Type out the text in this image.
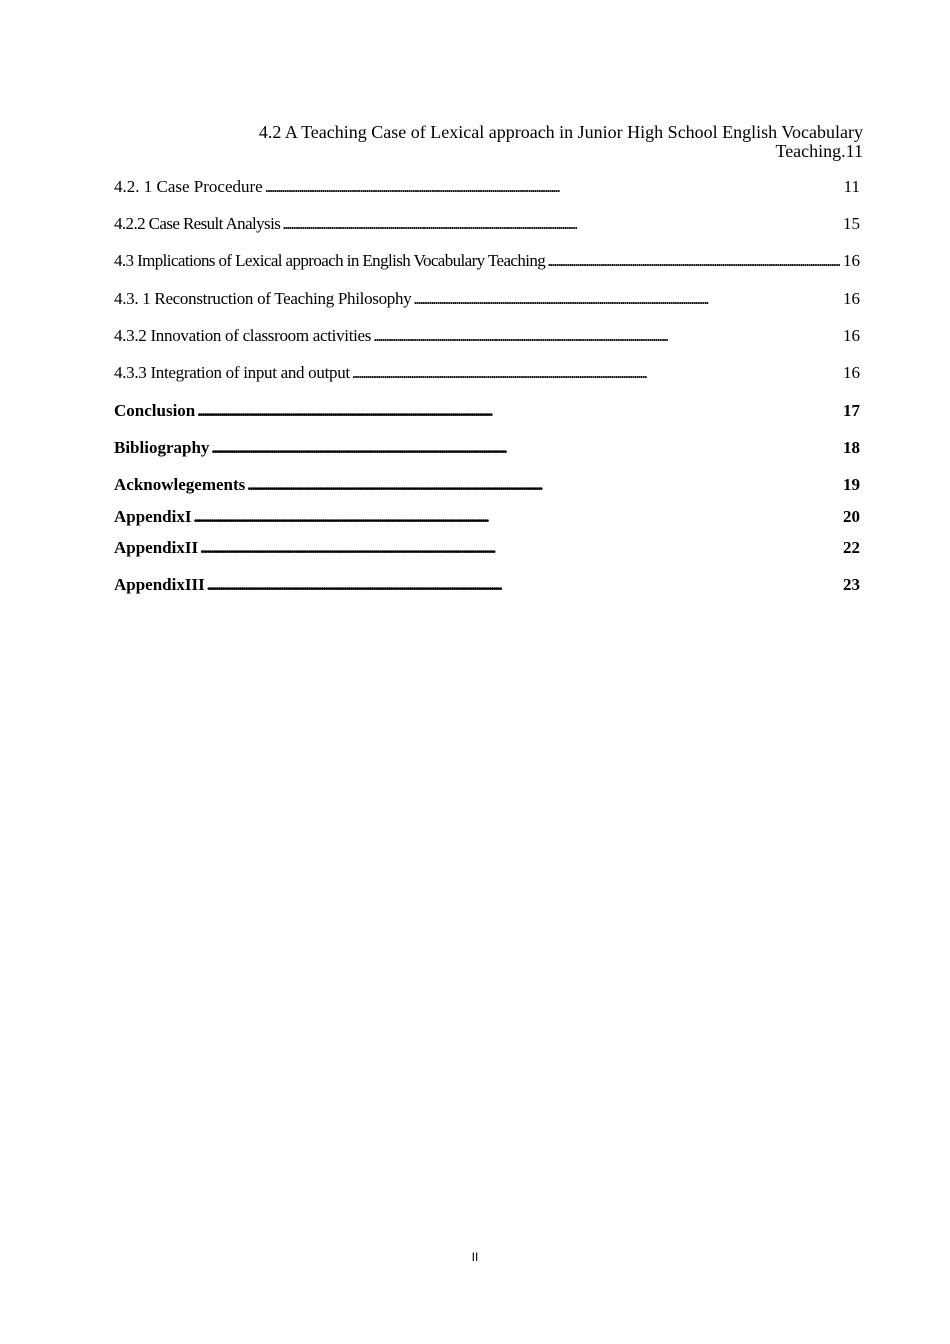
4.2 A Teaching Case of Lexical approach in Junior High School English Vocabulary
Teaching.11
4.2. 1 Case Procedure . . .	11
4.2.2 Case Result Analysis . . .	15
4.3 Implications of Lexical approach in English Vocabulary Teaching . . .	16
4.3. 1 Reconstruction of Teaching Philosophy . . .	16
4.3.2 Innovation of classroom activities . . .	16
4.3.3 Integration of input and output . . .	16
Conclusion . . .	17
Bibliography . . .	18
Acknowlegements . . .	19
AppendixI . . .	20
AppendixII . . .	22
AppendixIII . . .	23
II
